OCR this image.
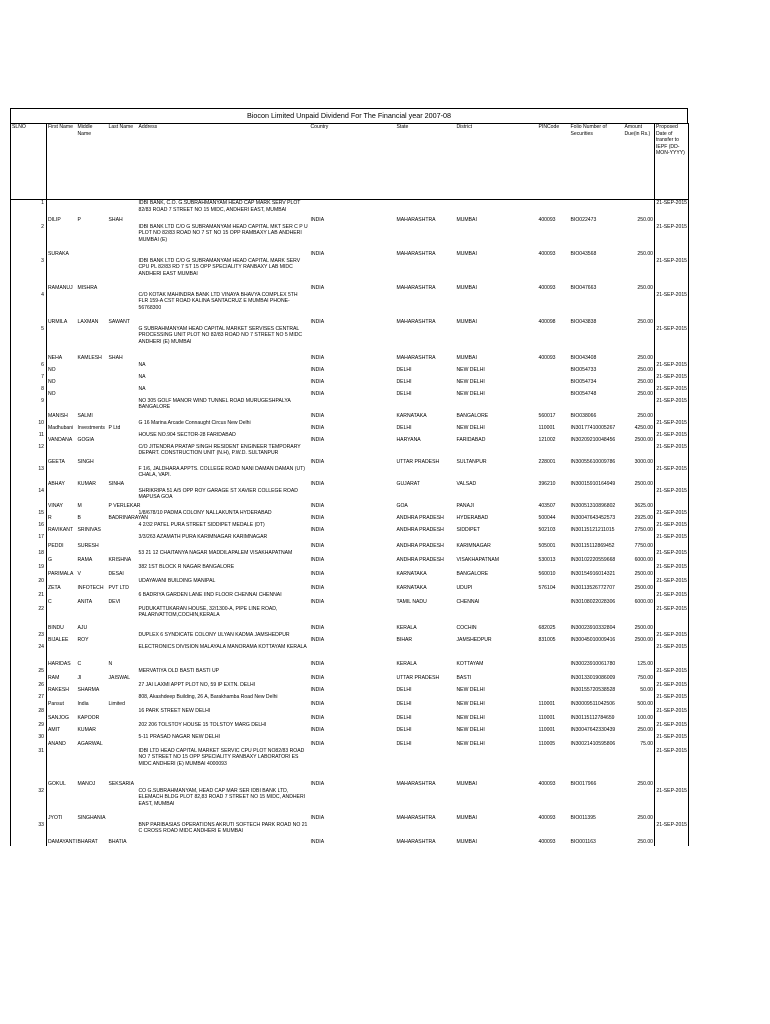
Biocon Limited Unpaid Dividend For The Financial year 2007-08
SLNO	First Name	Middle Name	Last Name	Address	Country	State	District	PINCode	Folio Number of Securities	Amount Due(in Rs.)	Proposed Date of transfer to IEPF (DD-MON-YYYY)

1	DILIP	P	SHAH	IDBI BANK, C.O. G.SUBRAHMANYAM HEAD CAP MARK SERV PLOT 82/83 ROAD 7 STREET NO 15 MIDC, ANDHERI EAST, MUMBAI	INDIA	MAHARASHTRA	MUMBAI	400093	BIO022473	250.00	21-SEP-2015
2	SURAKA			IDBI BANK LTD C/O G SUBRAMANYAM HEAD CAPITAL MKT SER C P U PLOT NO 82/83 ROAD NO 7 ST NO 15 OPP RAMBAXY LAB ANDHERI MUMBAI (E)	INDIA	MAHARASHTRA	MUMBAI	400093	BIO043568	250.00	21-SEP-2015
3	RAMANUJ	MISHRA		IDBI BANK LTD C/O G SUBRAMANYAM HEAD CAPITAL MARK SERV CPU PL 82/83 RD 7 ST 15 OPP SPECIALITY RANBAXY LAB MIDC ANDHERI EAST MUMBAI	INDIA	MAHARASHTRA	MUMBAI	400093	BIO047663	250.00	21-SEP-2015
4	URMILA	LAXMAN	SAWANT	C/O KOTAK MAHINDRA BANK LTD VINAYA BHAVYA COMPLEX 5TH FLR 159-A CST ROAD KALINA SANTACRUZ E MUMBAI PHONE- 56768300	INDIA	MAHARASHTRA	MUMBAI	400098	BIO043838	250.00	21-SEP-2015
5	NEHA	KAMLESH	SHAH	G SUBRAHMANYAM HEAD CAPITAL MARKET SERVISES CENTRAL PROCESSING UNIT PLOT NO 82/83 ROAD NO 7 STREET NO 5 MIDC ANDHERI (E) MUMBAI	INDIA	MAHARASHTRA	MUMBAI	400093	BIO043408	250.00	21-SEP-2015
6	NO			NA	INDIA	DELHI	NEW DELHI		BIO054733	250.00	21-SEP-2015
7	NO			NA	INDIA	DELHI	NEW DELHI		BIO054734	250.00	21-SEP-2015
8	NO			NA	INDIA	DELHI	NEW DELHI		BIO054748	250.00	21-SEP-2015
9	MANISH	SALMI		NO 305 GOLF MANOR WIND TUNNEL ROAD MURUGESHPALYA BANGALORE	INDIA	KARNATAKA	BANGALORE	560017	BIO038066	250.00	21-SEP-2015
10	Madhubani	Investments	P Ltd	G 16 Marina Arcade Connaught Circus New Delhi	INDIA	DELHI	NEW DELHI	110001	IN30177410005267	4250.00	21-SEP-2015
11	VANDANA	GOGIA		HOUSE NO.904 SECTOR-28 FARIDABAD	INDIA	HARYANA	FARIDABAD	121002	IN30209210048456	2500.00	21-SEP-2015
12	GEETA	SINGH		C/O JITENDRA PRATAP SINGH RESIDENT ENGINEER TEMPORARY DEPART. CONSTRUCTION UNIT (N.H), P.W.D. SULTANPUR	INDIA	UTTAR PRADESH	SULTANPUR	228001	IN30055610009786	3000.00	21-SEP-2015
13	ABHAY	KUMAR	SINHA	F 1/6, JALDHARA APPTS. COLLEGE ROAD NANI DAMAN DAMAN (UT) CHALA, VAPI.	INDIA	GUJARAT	VALSAD	396210	IN30015910164949	2500.00	21-SEP-2015
14	VINAY	M	P VERLEKAR	SHRIKRIPA 51 A/5 OPP ROY GARAGE ST XAVIER COLLEGE ROAD MAPUSA GOA	INDIA	GOA	PANAJI	403507	IN30051310896802	3625.00	21-SEP-2015
15	R	B	BADRINARAYAN	1/8/678/10 PADMA COLONY NALLAKUNTA HYDERABAD	INDIA	ANDHRA PRADESH	HYDERABAD	500044	IN30047643452573	2925.00	21-SEP-2015
16	RAVIKANT	SRINIVAS		4 2/32 PATEL PURA STREET SIDDIPET MEDALE (DT)	INDIA	ANDHRA PRADESH	SIDDIPET	502103	IN30115121211015	2750.00	21-SEP-2015
17	PEDDI	SURESH		3/3/263 AZAMATH PURA KARIMNAGAR KARIMNAGAR	INDIA	ANDHRA PRADESH	KARIMNAGAR	505001	IN30115112869452	7750.00	21-SEP-2015
18	G	RAMA	KRISHNA	53 21 12 CHAITANYA NAGAR MADDILAPALEM VISAKHAPATNAM	INDIA	ANDHRA PRADESH	VISAKHAPATNAM	530013	IN30102220559668	6000.00	21-SEP-2015
19	PARIMALA	V	DESAI	382 1ST BLOCK R NAGAR BANGALORE	INDIA	KARNATAKA	BANGALORE	560010	IN30154916014321	2500.00	21-SEP-2015
20	ZETA	INFOTECH	PVT LTD	UDAYAVANI BUILDING MANIPAL	INDIA	KARNATAKA	UDUPI	576104	IN30113526772707	2500.00	21-SEP-2015
21	C	ANITA	DEVI	6 BADRIYA GARDEN LANE IIND FLOOR CHENNAI CHENNAI	INDIA	TAMIL NADU	CHENNAI		IN30108022028306	6000.00	21-SEP-2015
22	BINDU	AJU		PUDUKATTUKARAN HOUSE, 32/1300-A, PIPE LINE ROAD, PALARIVATTOM,COCHIN,KERALA	INDIA	KERALA	COCHIN	682025	IN30023910332804	2500.00	21-SEP-2015
23	BIJALEE	ROY		DUPLEX 6 SYNDICATE COLONY ULYAN KADMA JAMSHEDPUR	INDIA	BIHAR	JAMSHEDPUR	831005	IN30045010009416	2500.00	21-SEP-2015
24	HARIDAS	C	N	ELECTRONICS DIVISION MALAYALA MANORAMA KOTTAYAM KERALA	INDIA	KERALA	KOTTAYAM		IN30023910061780	125.00	21-SEP-2015
25	RAM	JI	JAISWAL	MERVATIYA OLD BASTI BASTI UP	INDIA	UTTAR PRADESH	BASTI		IN30133019086009	750.00	21-SEP-2015
26	RAKESH	SHARMA		27 JAI LAXMI APPT PLOT NO, 59 IP EXTN. DELHI	INDIA	DELHI	NEW DELHI		IN30155720538528	50.00	21-SEP-2015
27	Pansut	India	Limited	808, Akashdeep Building, 26 A, Barakhamba Road New Delhi	INDIA	DELHI	NEW DELHI	110001	IN30009511042506	500.00	21-SEP-2015
28	SANJOG	KAPOOR		16 PARK STREET NEW DELHI	INDIA	DELHI	NEW DELHI	110001	IN30115112784659	100.00	21-SEP-2015
29	AMIT	KUMAR		202 206 TOLSTOY HOUSE 15 TOLSTOY MARG DELHI	INDIA	DELHI	NEW DELHI	110001	IN30047642330439	250.00	21-SEP-2015
30	ANAND	AGARWAL		5-11 PRASAD NAGAR NEW DELHI	INDIA	DELHI	NEW DELHI	110005	IN30021410595806	75.00	21-SEP-2015
31	GOKUL	MANOJ	SEKSARIA	IDBI LTD HEAD CAPITAL MARKET SERVIC CPU PLOT NO82/83 ROAD NO 7 STREET NO 15 OPP SPECIALITY RANBAXY LABORATORI ES MIDC ANDHERI (E) MUMBAI 4000093	INDIA	MAHARASHTRA	MUMBAI	400093	BIO017966	250.00	21-SEP-2015
32	JYOTI	SINGHANIA		CO G.SUBRAHMANYAM, HEAD CAP MAR SER IDBI BANK LTD, ELEMACH BLDG PLOT 82,83 ROAD 7 STREET NO 15 MIDC, ANDHERI EAST, MUMBAI	INDIA	MAHARASHTRA	MUMBAI	400093	BIO011395	250.00	21-SEP-2015
33	DAMAYANTI	BHARAT	BHATIA	BNP PARIBASIAS OPERATIONS AKRUTI SOFTECH PARK ROAD NO 21 C CROSS ROAD MIDC ANDHERI E MUMBAI	INDIA	MAHARASHTRA	MUMBAI	400093	BIO001163	250.00	21-SEP-2015
